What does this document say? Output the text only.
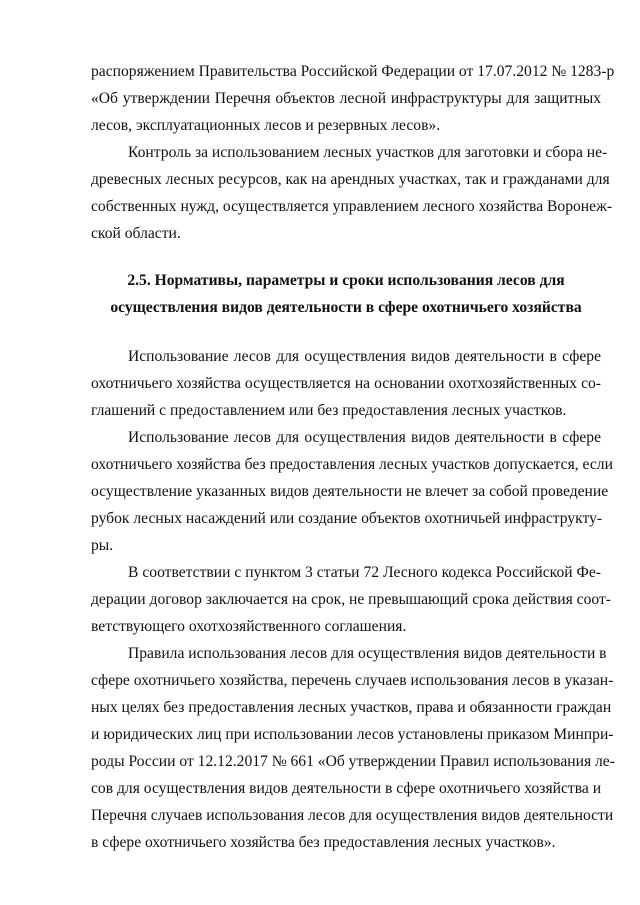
распоряжением Правительства Российской Федерации от 17.07.2012 № 1283-р

«Об утверждении Перечня объектов лесной инфраструктуры для защитных

лесов, эксплуатационных лесов и резервных лесов».

Контроль за использованием лесных участков для заготовки и сбора не-

древесных лесных ресурсов, как на арендных участках, так и гражданами для

собственных нужд, осуществляется управлением лесного хозяйства Воронеж-

ской области.

2.5. Нормативы, параметры и сроки использования лесов для

осуществления видов деятельности в сфере охотничьего хозяйства

Использование лесов для осуществления видов деятельности в сфере

охотничьего хозяйства осуществляется на основании охотхозяйственных со-

глашений с предоставлением или без предоставления лесных участков.

Использование лесов для осуществления видов деятельности в сфере

охотничьего хозяйства без предоставления лесных участков допускается, если

осуществление указанных видов деятельности не влечет за собой проведение

рубок лесных насаждений или создание объектов охотничьей инфраструкту-

ры.

В соответствии с пунктом 3 статьи 72 Лесного кодекса Российской Фе-

дерации договор заключается на срок, не превышающий срока действия соот-

ветствующего охотхозяйственного соглашения.

Правила использования лесов для осуществления видов деятельности в

сфере охотничьего хозяйства, перечень случаев использования лесов в указан-

ных целях без предоставления лесных участков, права и обязанности граждан

и юридических лиц при использовании лесов установлены приказом Минпри-

роды России от 12.12.2017 № 661 «Об утверждении Правил использования ле-

сов для осуществления видов деятельности в сфере охотничьего хозяйства и

Перечня случаев использования лесов для осуществления видов деятельности

в сфере охотничьего хозяйства без предоставления лесных участков».
